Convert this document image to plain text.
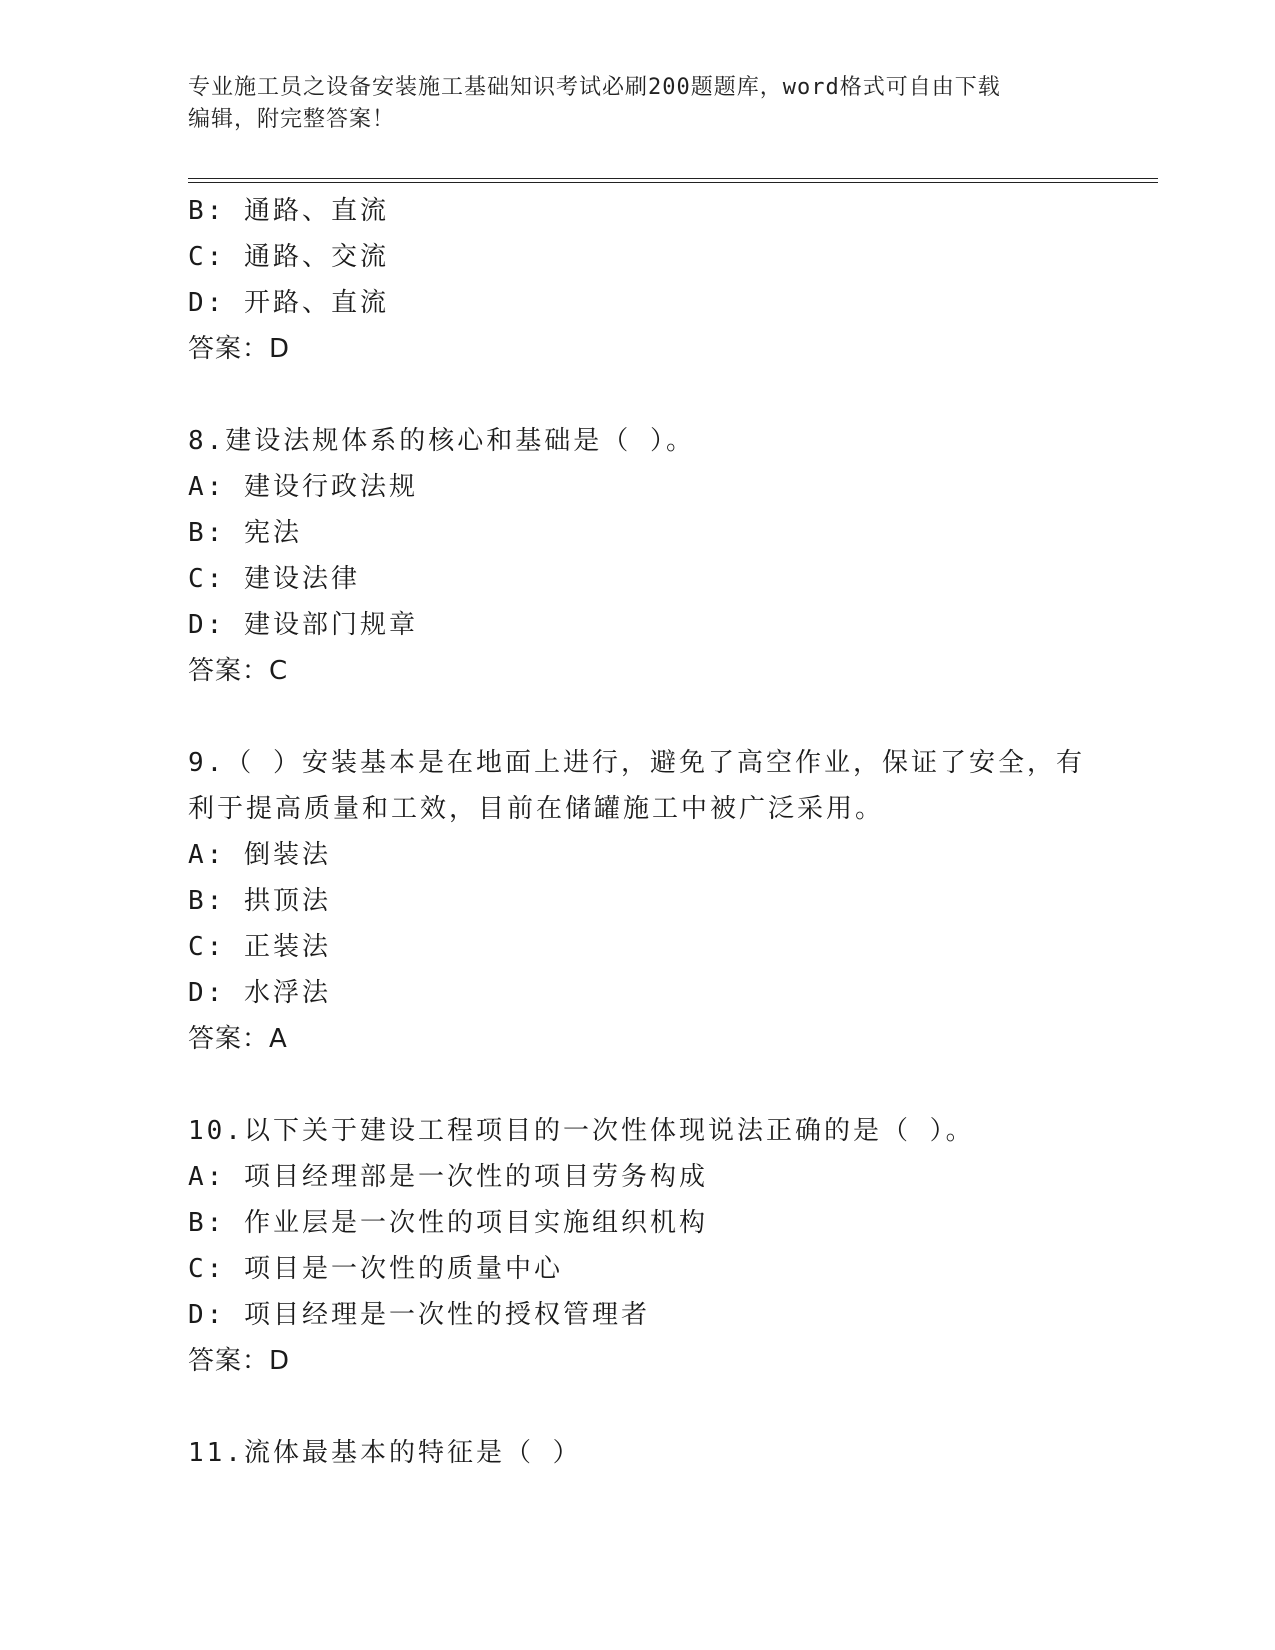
专业施工员之设备安装施工基础知识考试必刷200题题库，word格式可自由下载
编辑，附完整答案！
B: 通路、直流
C: 通路、交流
D: 开路、直流
答案：D
8.建设法规体系的核心和基础是（ ）。
A: 建设行政法规
B: 宪法
C: 建设法律
D: 建设部门规章
答案：C
9.（ ）安装基本是在地面上进行，避免了高空作业，保证了安全，有
利于提高质量和工效，目前在储罐施工中被广泛采用。
A: 倒装法
B: 拱顶法
C: 正装法
D: 水浮法
答案：A
10.以下关于建设工程项目的一次性体现说法正确的是（ ）。
A: 项目经理部是一次性的项目劳务构成
B: 作业层是一次性的项目实施组织机构
C: 项目是一次性的质量中心
D: 项目经理是一次性的授权管理者
答案：D
11.流体最基本的特征是（ ）
